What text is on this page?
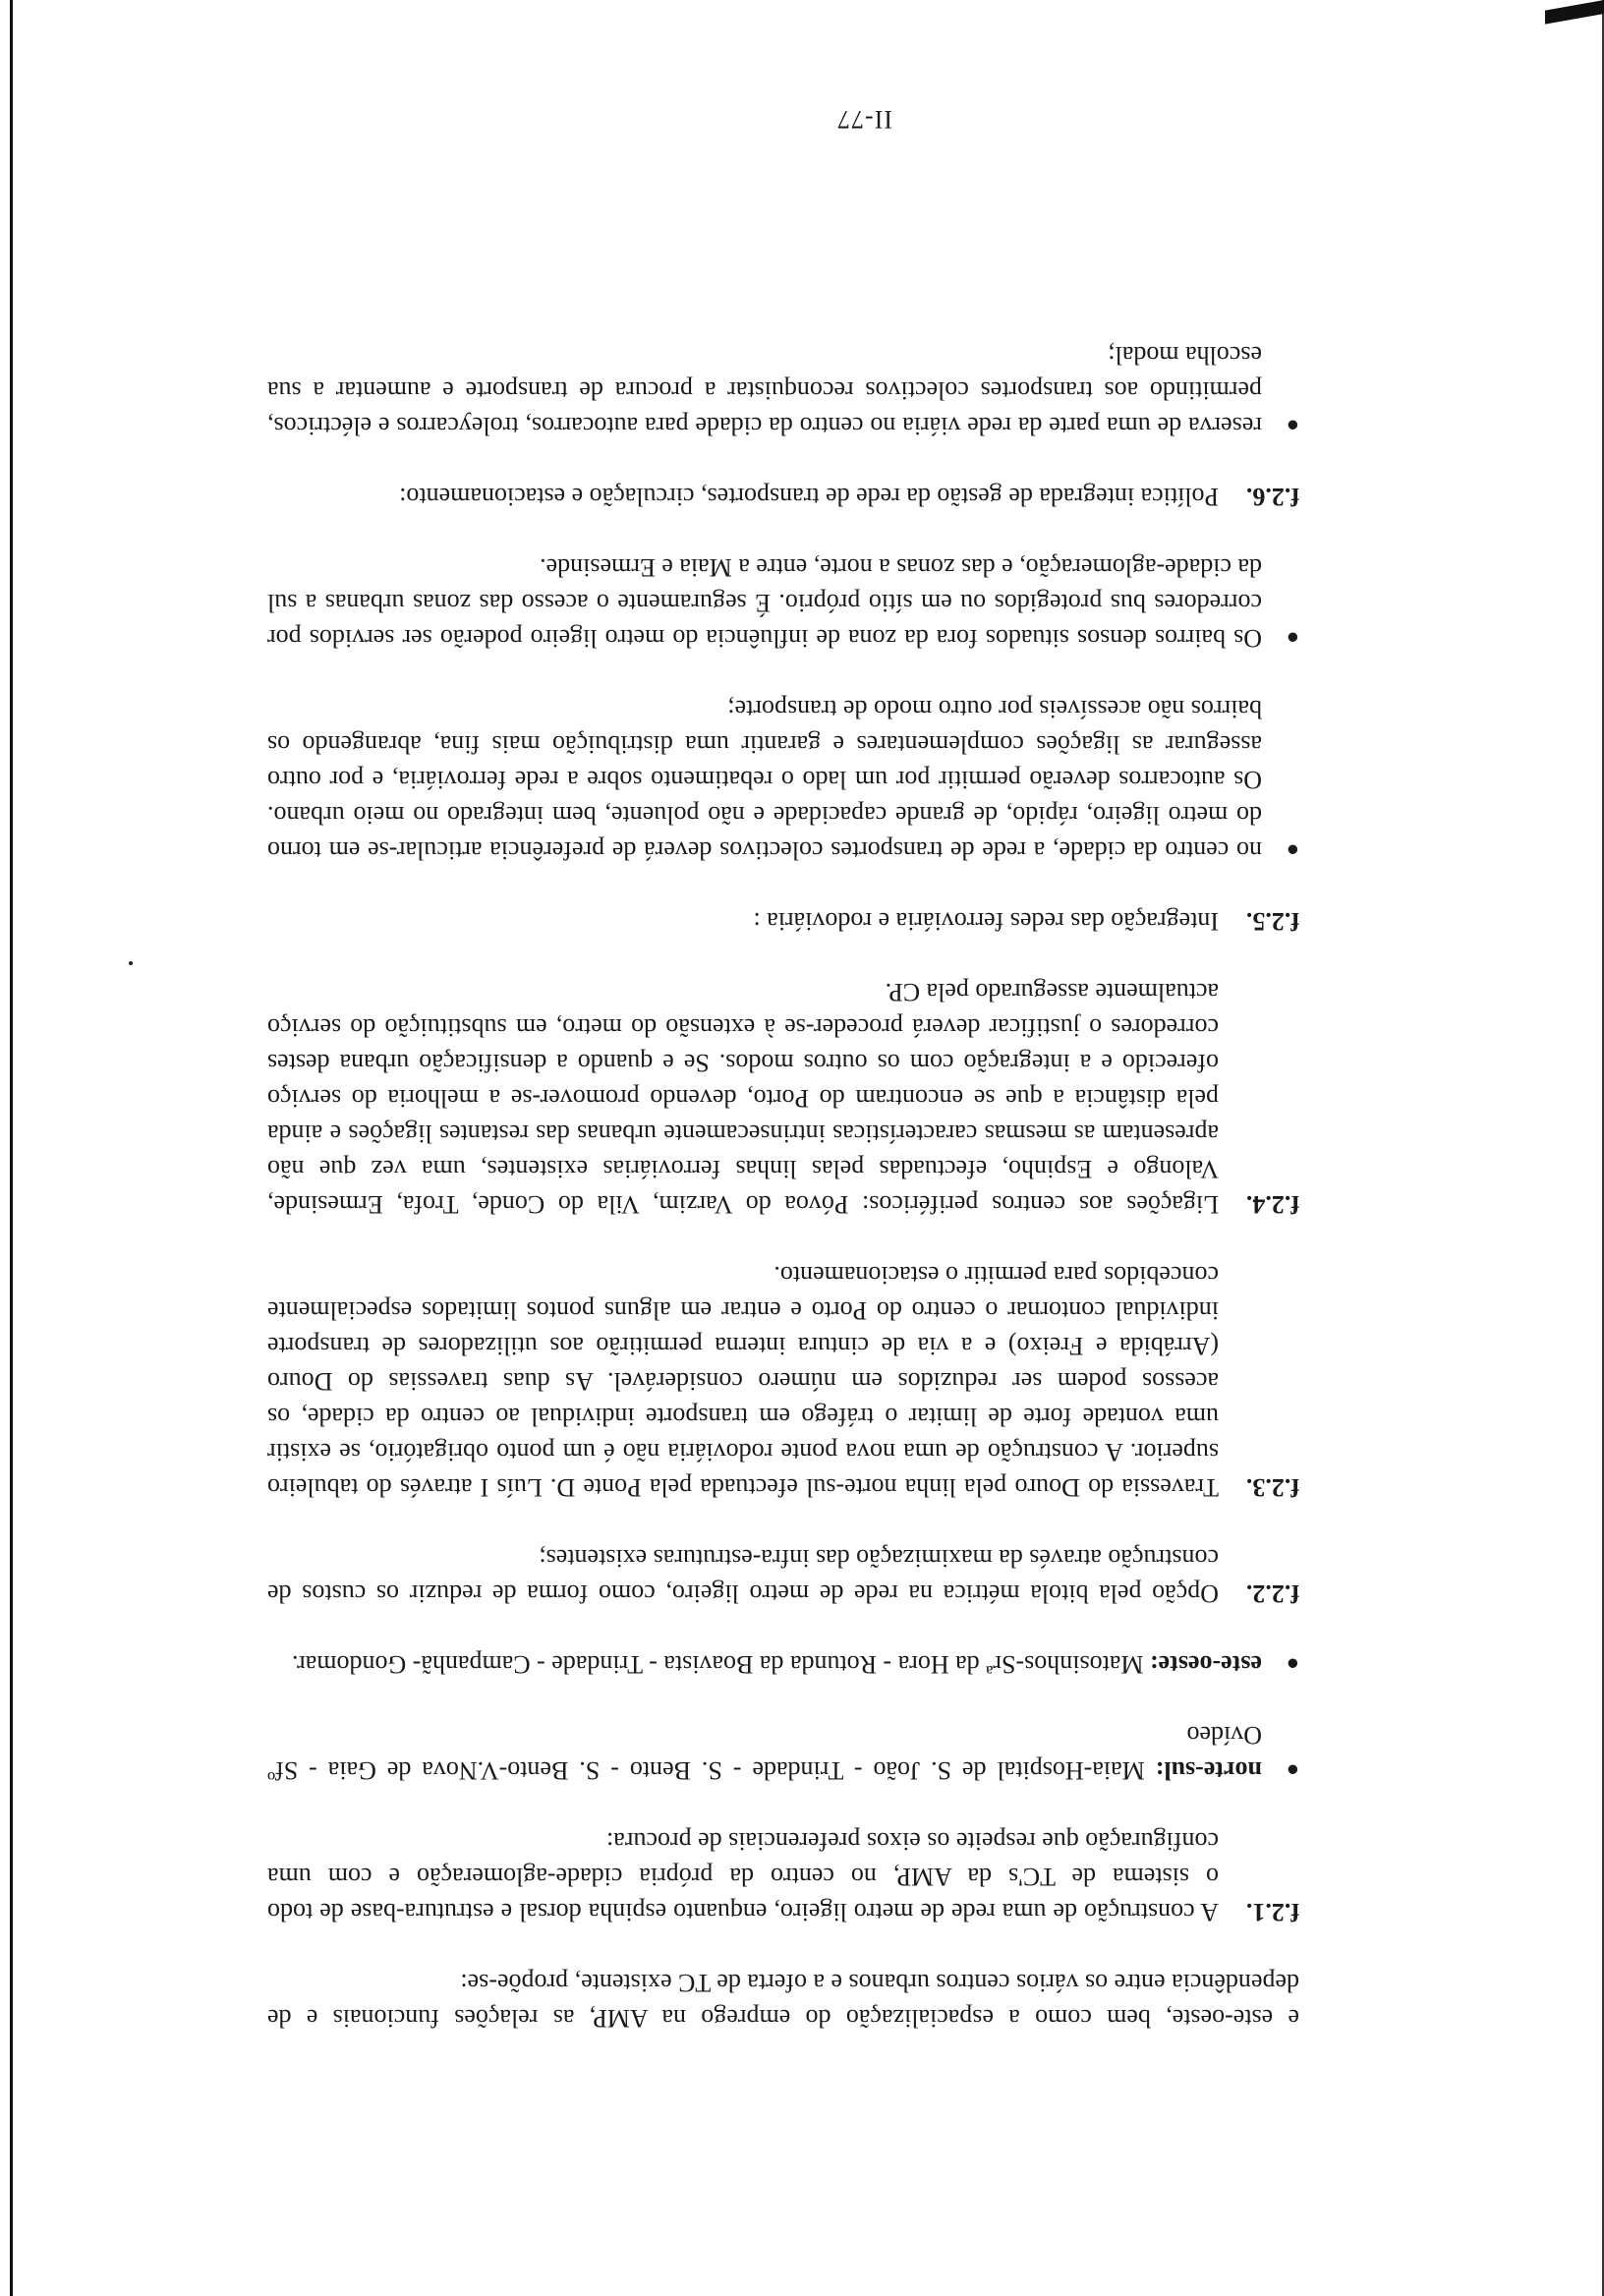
e este-oeste, bem como a espacialização do emprego na AMP, as relações funcionais e de dependência entre os vários centros urbanos e a oferta de TC existente, propõe-se:

f.2.1.
A construção de uma rede de metro ligeiro, enquanto espinha dorsal e estrutura-base de todo o sistema de TC's da AMP, no centro da própria cidade-aglomeração e com uma configuração que respeite os eixos preferenciais de procura:
●
norte-sul: Maia-Hospital de S. João - Trindade - S. Bento - S. Bento-V.Nova de Gaia - Sfº Ovídeo
●
este-oeste: Matosinhos-Srª da Hora - Rotunda da Boavista - Trindade - Campanhã- Gondomar.
f.2.2.
Opção pela bitola métrica na rede de metro ligeiro, como forma de reduzir os custos de construção através da maximização das infra-estruturas existentes;
f.2.3.
Travessia do Douro pela linha norte-sul efectuada pela Ponte D. Luís I através do tabuleiro superior. A construção de uma nova ponte rodoviária não é um ponto obrigatório, se existir uma vontade forte de limitar o tráfego em transporte individual ao centro da cidade, os acessos podem ser reduzidos em número considerável. As duas travessias do Douro (Arrábida e Freixo) e a via de cintura interna permitirão aos utilizadores de transporte individual contornar o centro do Porto e entrar em alguns pontos limitados especialmente concebidos para permitir o estacionamento.
f.2.4.
Ligações aos centros periféricos: Póvoa do Varzim, Vila do Conde, Trofa, Ermesinde, Valongo e Espinho, efectuadas pelas linhas ferroviárias existentes, uma vez que não apresentam as mesmas características intrinsecamente urbanas das restantes ligações e ainda pela distância a que se encontram do Porto, devendo promover-se a melhoria do serviço oferecido e a integração com os outros modos. Se e quando a densificação urbana destes corredores o justificar deverá proceder-se à extensão do metro, em substituição do serviço actualmente assegurado pela CP.
f.2.5.
Integração das redes ferroviária e rodoviária :
●
no centro da cidade, a rede de transportes colectivos deverá de preferência articular-se em torno do metro ligeiro, rápido, de grande capacidade e não poluente, bem integrado no meio urbano. Os autocarros deverão permitir por um lado o rebatimento sobre a rede ferroviária, e por outro assegurar as ligações complementares e garantir uma distribuição mais fina, abrangendo os bairros não acessíveis por outro modo de transporte;
●
Os bairros densos situados fora da zona de influência do metro ligeiro poderão ser servidos por corredores bus protegidos ou em sítio próprio. É seguramente o acesso das zonas urbanas a sul da cidade-aglomeração, e das zonas a norte, entre a Maia e Ermesinde.
f.2.6.
Política integrada de gestão da rede de transportes, circulação e estacionamento:
●
reserva de uma parte da rede viária no centro da cidade para autocarros, troleycarros e eléctricos, permitindo aos transportes colectivos reconquistar a procura de transporte e aumentar a sua escolha modal;
II-77
